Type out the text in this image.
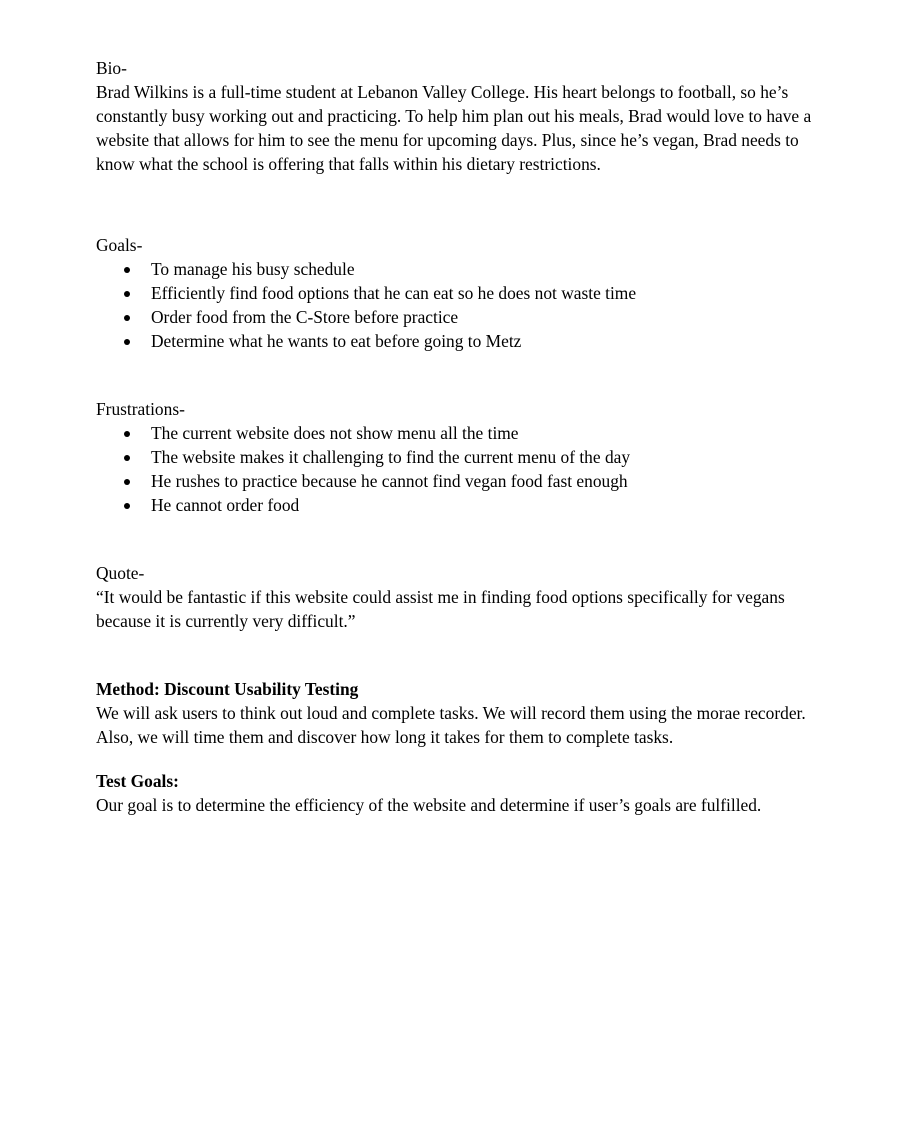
Bio-

Brad Wilkins is a full-time student at Lebanon Valley College. His heart belongs to football, so he’s constantly busy working out and practicing. To help him plan out his meals, Brad would love to have a website that allows for him to see the menu for upcoming days. Plus, since he’s vegan, Brad needs to know what the school is offering that falls within his dietary restrictions.

Goals-

To manage his busy schedule
Efficiently find food options that he can eat so he does not waste time
Order food from the C-Store before practice
Determine what he wants to eat before going to Metz

Frustrations-

The current website does not show menu all the time
The website makes it challenging to find the current menu of the day
He rushes to practice because he cannot find vegan food fast enough
He cannot order food

Quote-

“It would be fantastic if this website could assist me in finding food options specifically for vegans because it is currently very difficult.”

Method: Discount Usability Testing

We will ask users to think out loud and complete tasks. We will record them using the morae recorder. Also, we will time them and discover how long it takes for them to complete tasks.

Test Goals:

Our goal is to determine the efficiency of the website and determine if user’s goals are fulfilled.
